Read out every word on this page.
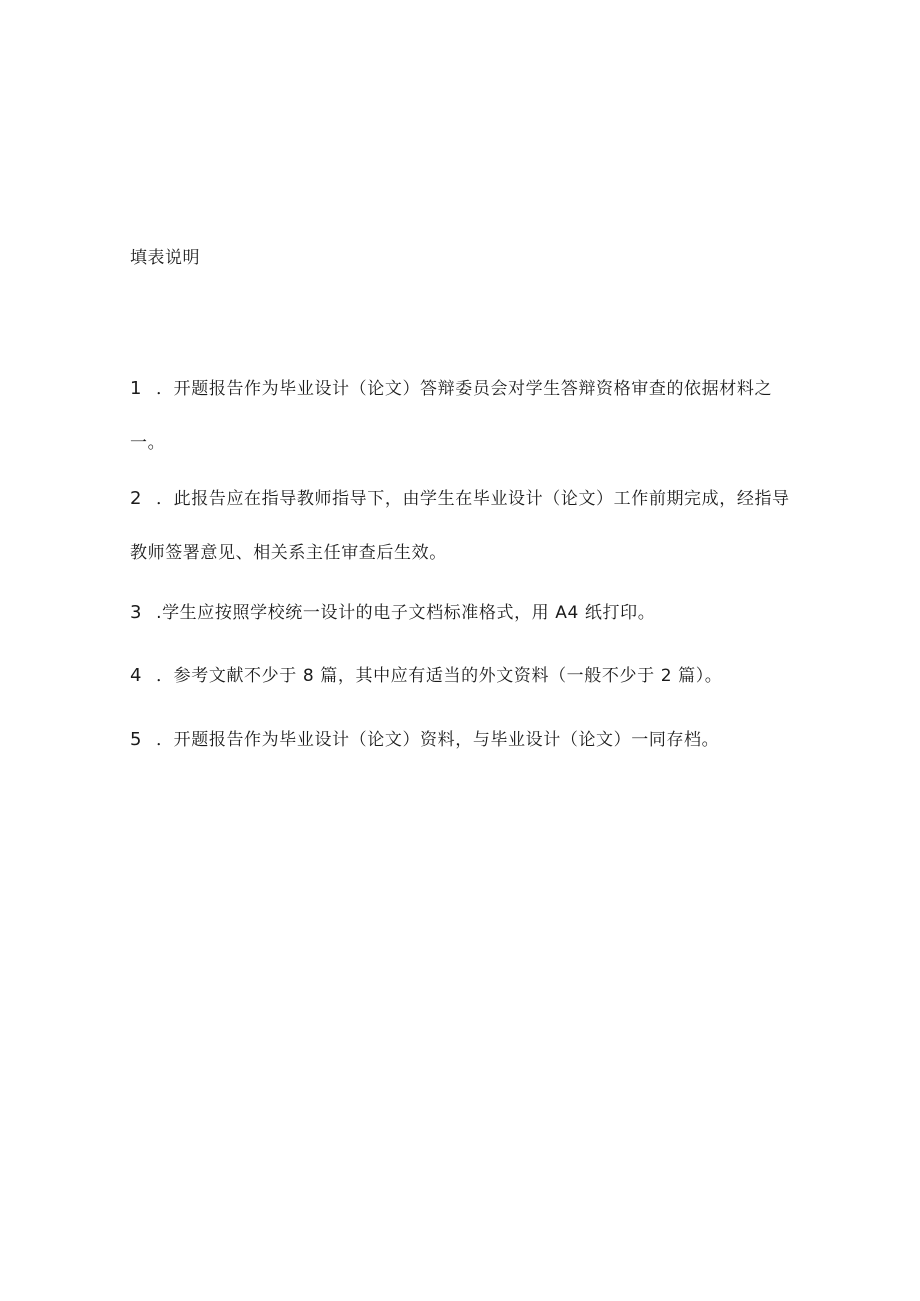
填表说明
1 ．开题报告作为毕业设计（论文）答辩委员会对学生答辩资格审查的依据材料之
一。
2 ．此报告应在指导教师指导下，由学生在毕业设计（论文）工作前期完成，经指导
教师签署意见、相关系主任审查后生效。
3 .学生应按照学校统一设计的电子文档标准格式，用 A4 纸打印。
4 ．参考文献不少于 8 篇，其中应有适当的外文资料（一般不少于 2 篇）。
5 ．开题报告作为毕业设计（论文）资料，与毕业设计（论文）一同存档。
